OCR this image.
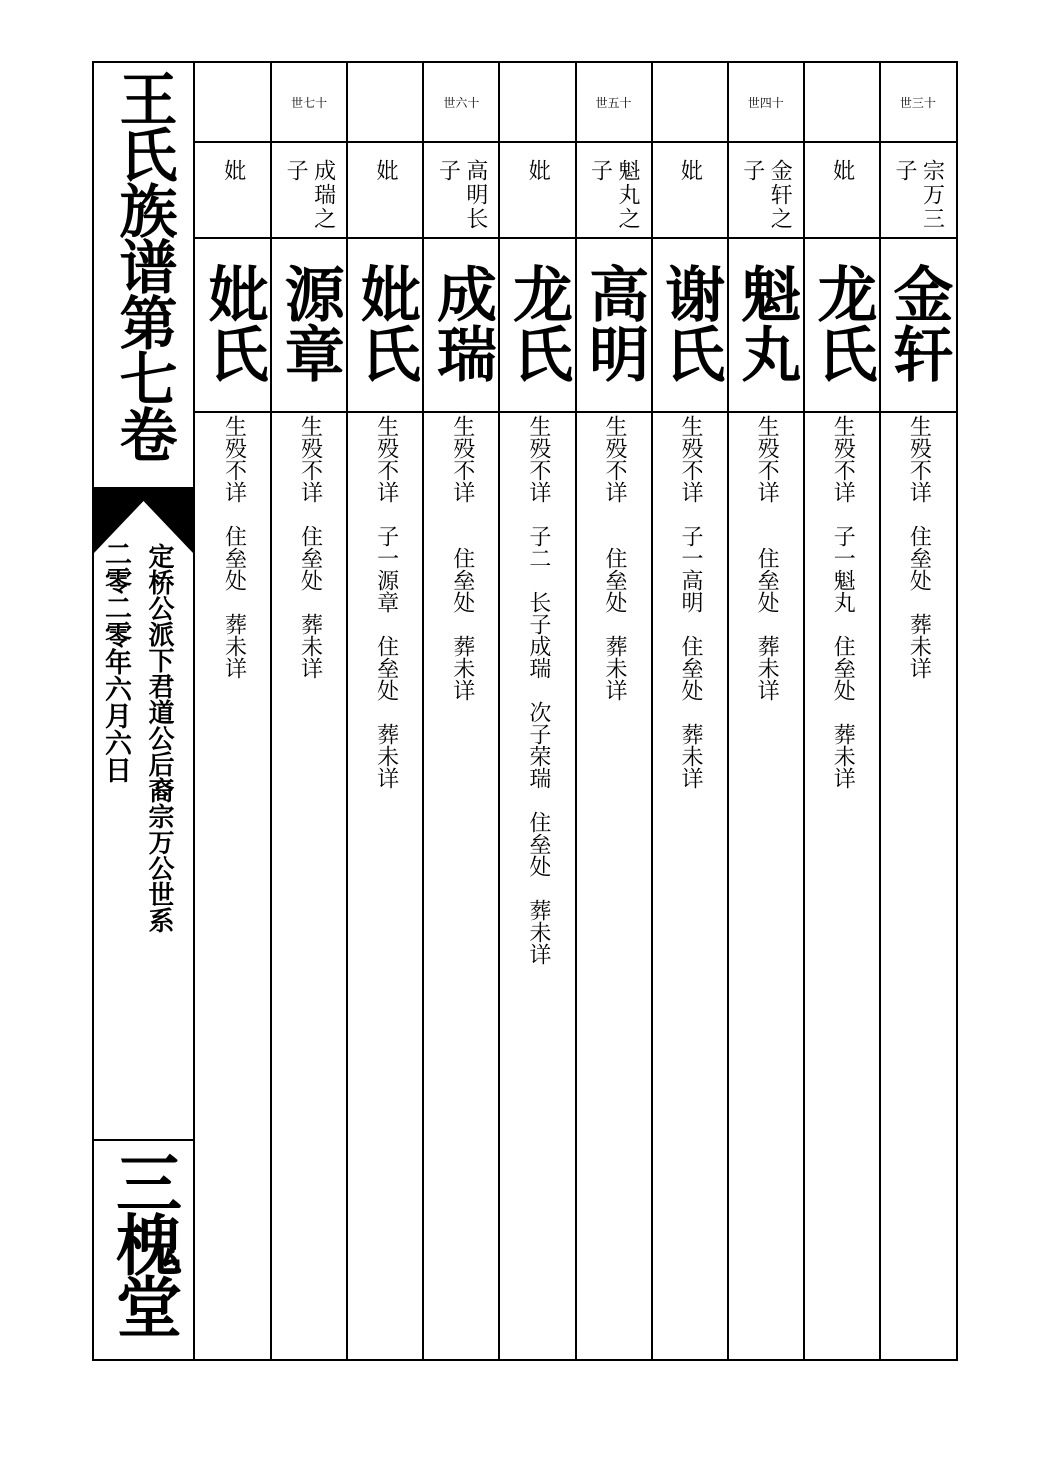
王氏族谱第七卷
定桥公派下君道公后裔宗万公世系
二零二零年六月六日
三槐堂
世三十
宗万三子
金轩
生殁不详　住垒处　葬未详
妣
龙氏
生殁不详　子一魁丸　住垒处　葬未详
世四十
金轩之子
魁丸
生殁不详　　住垒处　葬未详
妣
谢氏
生殁不详　子一高明　住垒处　葬未详
世五十
魁丸之子
高明
生殁不详　　住垒处　葬未详
妣
龙氏
生殁不详　子二　长子成瑞　次子荣瑞　住垒处　葬未详
世六十
高明长子
成瑞
生殁不详　　住垒处　葬未详
妣
妣氏
生殁不详　子一源章　住垒处　葬未详
世七十
成瑞之子
源章
生殁不详　住垒处　葬未详
妣
妣氏
生殁不详　住垒处　葬未详
